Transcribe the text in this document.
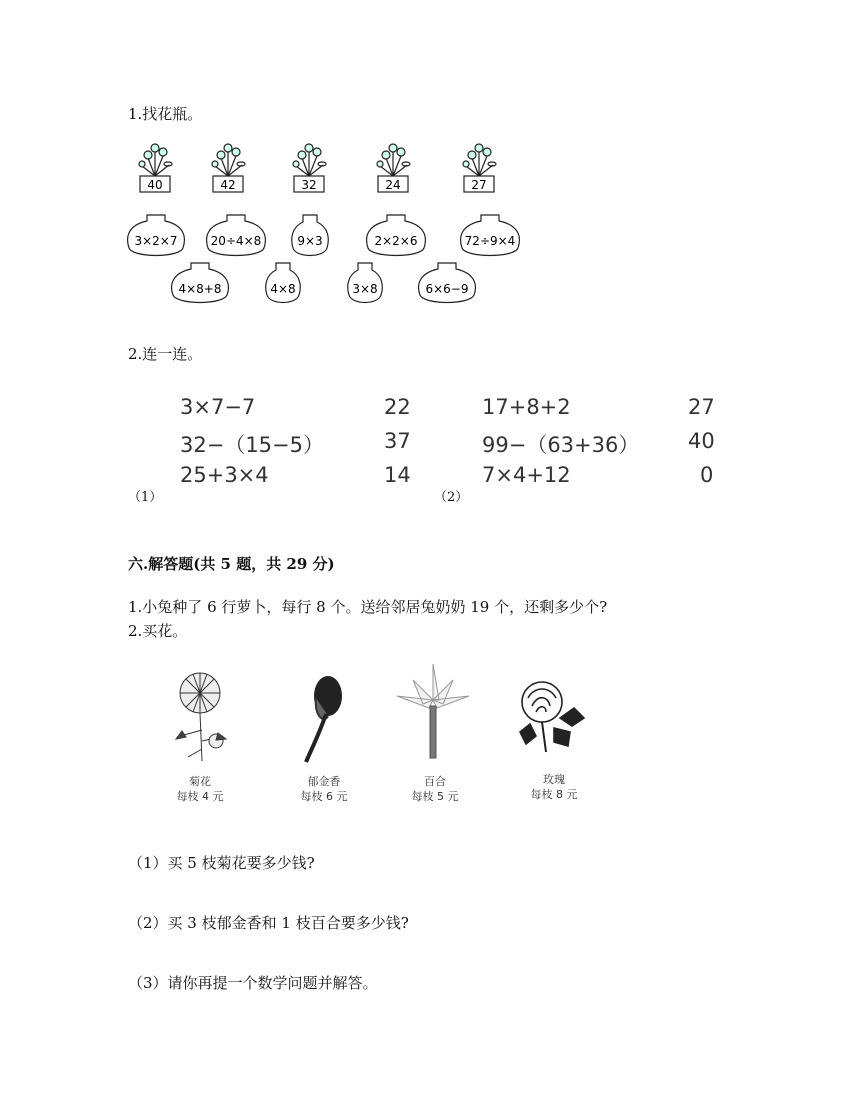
1.找花瓶。
40	42	32	24	27
3×2×7	20÷4×8	9×3	2×2×6	72÷9×4
4×8+8	4×8	3×8	6×6−9
2.连一连。
3×7−7
32−（15−5）
25+3×4
22
37
14
（1）
17+8+2
99−（63+36）
7×4+12
27
40
0
（2）
六.解答题(共 5 题，共 29 分)
1.小兔种了 6 行萝卜，每行 8 个。送给邻居兔奶奶 19 个，还剩多少个?
2.买花。
菊花
每枝 4 元
郁金香
每枝 6 元
百合
每枝 5 元
玫瑰
每枝 8 元
（1）买 5 枝菊花要多少钱?
（2）买 3 枝郁金香和 1 枝百合要多少钱?
（3）请你再提一个数学问题并解答。
